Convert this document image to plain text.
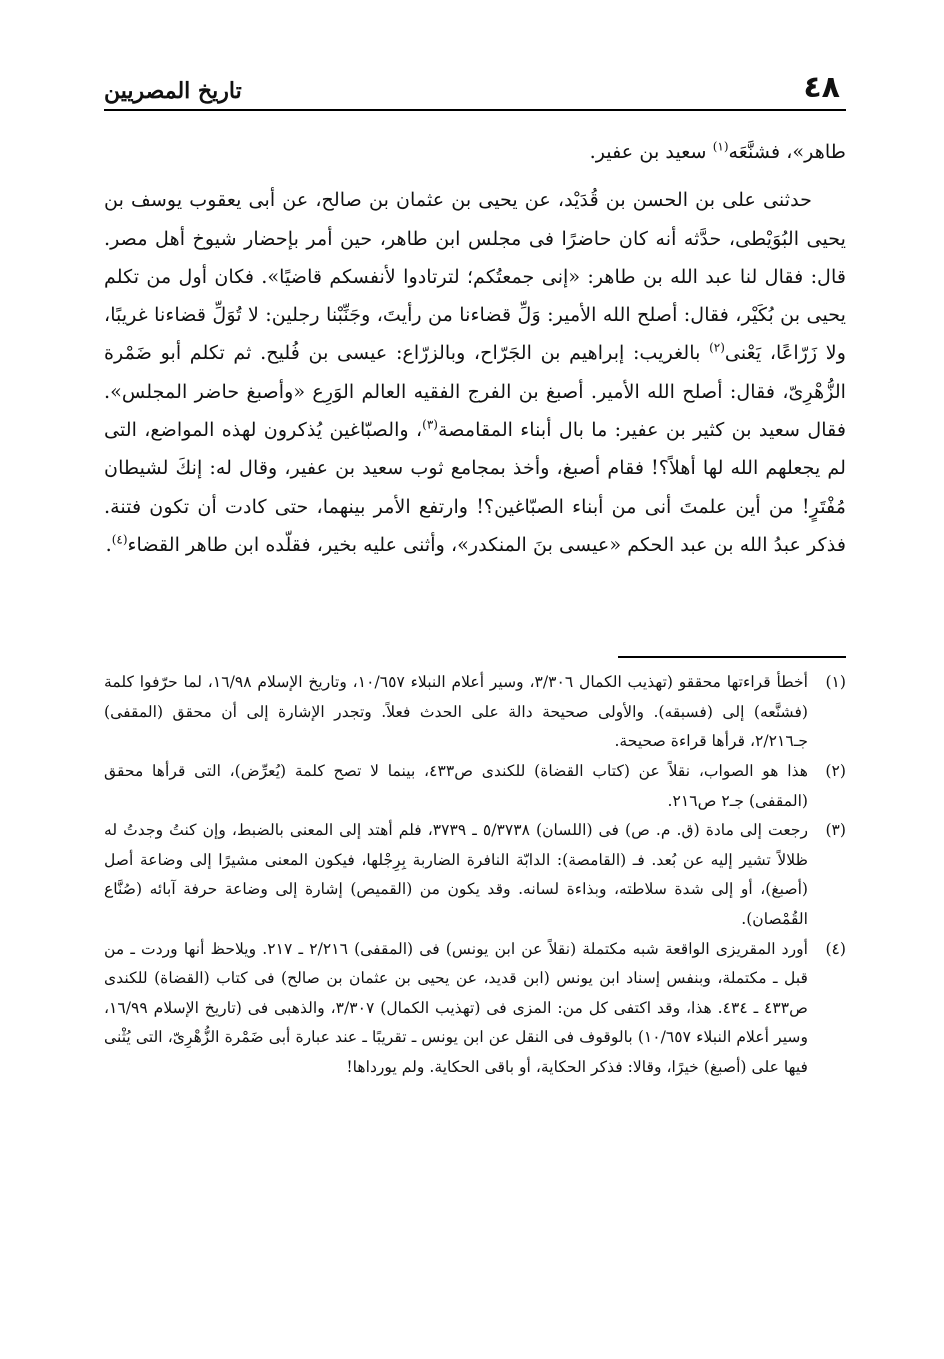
٤٨
تاريخ المصريين

طاهر»، فشنَّعَه$^{(١)}$ سعيد بن عفير.

حدثنى على بن الحسن بن قُدَيْد، عن يحيى بن عثمان بن صالح، عن أبى يعقوب يوسف بن يحيى البُوَيْطى، حدَّثه أنه كان حاضرًا فى مجلس ابن طاهر، حين أمر بإحضار شيوخ أهل مصر. قال: فقال لنا عبد الله بن طاهر: «إنى جمعتُكم؛ لترتادوا لأنفسكم قاضيًا». فكان أول من تكلم يحيى بن بُكَيْر، فقال: أصلح الله الأمير: وَلِّ قضاءنا من رأيتَ، وجَنِّبْنا رجلين: لا تُوَلِّ قضاءنا غريبًا، ولا زَرّاعًا، يَعْنى$^{(٢)}$ بالغريب: إبراهيم بن الجَرّاح، وبالزرّاع: عيسى بن فُليح. ثم تكلم أبو ضَمْرة الزُّهْرِىّ، فقال: أصلح الله الأمير. أصبغ بن الفرج الفقيه العالم الوَرِع «وأصبغ حاضر المجلس». فقال سعيد بن كثير بن عفير: ما بال أبناء المقامصة$^{(٣)}$، والصبّاغين يُذكرون لهذه المواضع، التى لم يجعلهم الله لها أهلاً؟! فقام أصبغ، وأخذ بمجامع ثوب سعيد بن عفير، وقال له: إنكَ لشيطان مُفْتَرٍ! من أين علمتَ أنى من أبناء الصبّاغين؟! وارتفع الأمر بينهما، حتى كادت أن تكون فتنة. فذكر عبدُ الله بن عبد الحكم «عيسى بنَ المنكدر»، وأثنى عليه بخير، فقلّده ابن طاهر القضاء$^{(٤)}$.

(١)أخطأ قراءتها محققو (تهذيب الكمال ٣/٣٠٦، وسير أعلام النبلاء ١٠/٦٥٧، وتاريخ الإسلام ١٦/٩٨، لما حرّفوا كلمة (فشنَّعه) إلى (فسبقه). والأولى صحيحة دالة على الحدث فعلاً. وتجدر الإشارة إلى أن محقق (المقفى) جـ٢/٢١٦، قرأها قراءة صحيحة.

(٢)هذا هو الصواب، نقلاً عن (كتاب القضاة) للكندى ص٤٣٣، بينما لا تصح كلمة (يُعرِّض)، التى قرأها محقق (المقفى) جـ٢ ص٢١٦.

(٣)رجعت إلى مادة (ق. م. ص) فى (اللسان) ٥/٣٧٣٨ ـ ٣٧٣٩، فلم أهتد إلى المعنى بالضبط، وإن كنتُ وجدتُ له ظلالاً تشير إليه عن بُعد. فـ (القامصة): الدابّة النافرة الضاربة بِرِجْلها، فيكون المعنى مشيرًا إلى وضاعة أصل (أصبغ)، أو إلى شدة سلاطته، وبذاءة لسانه. وقد يكون من (القميص) إشارة إلى وضاعة حرفة آبائه (صُنَّاع القُمْصان).

(٤)أورد المقريزى الواقعة شبه مكتملة (نقلاً عن ابن يونس) فى (المقفى) ٢/٢١٦ ـ ٢١٧. ويلاحظ أنها وردت ـ من قبل ـ مكتملة، وبنفس إسناد ابن يونس (ابن قديد، عن يحيى بن عثمان بن صالح) فى كتاب (القضاة) للكندى ص٤٣٣ ـ ٤٣٤. هذا، وقد اكتفى كل من: المزى فى (تهذيب الكمال) ٣/٣٠٧، والذهبى فى (تاريخ الإسلام ١٦/٩٩، وسير أعلام النبلاء ١٠/٦٥٧) بالوقوف فى النقل عن ابن يونس ـ تقريبًا ـ عند عبارة أبى ضَمْرة الزُّهْرِىّ، التى يُثْنى فيها على (أصبغ) خيرًا، وقالا: فذكر الحكاية، أو باقى الحكاية. ولم يورداها!
